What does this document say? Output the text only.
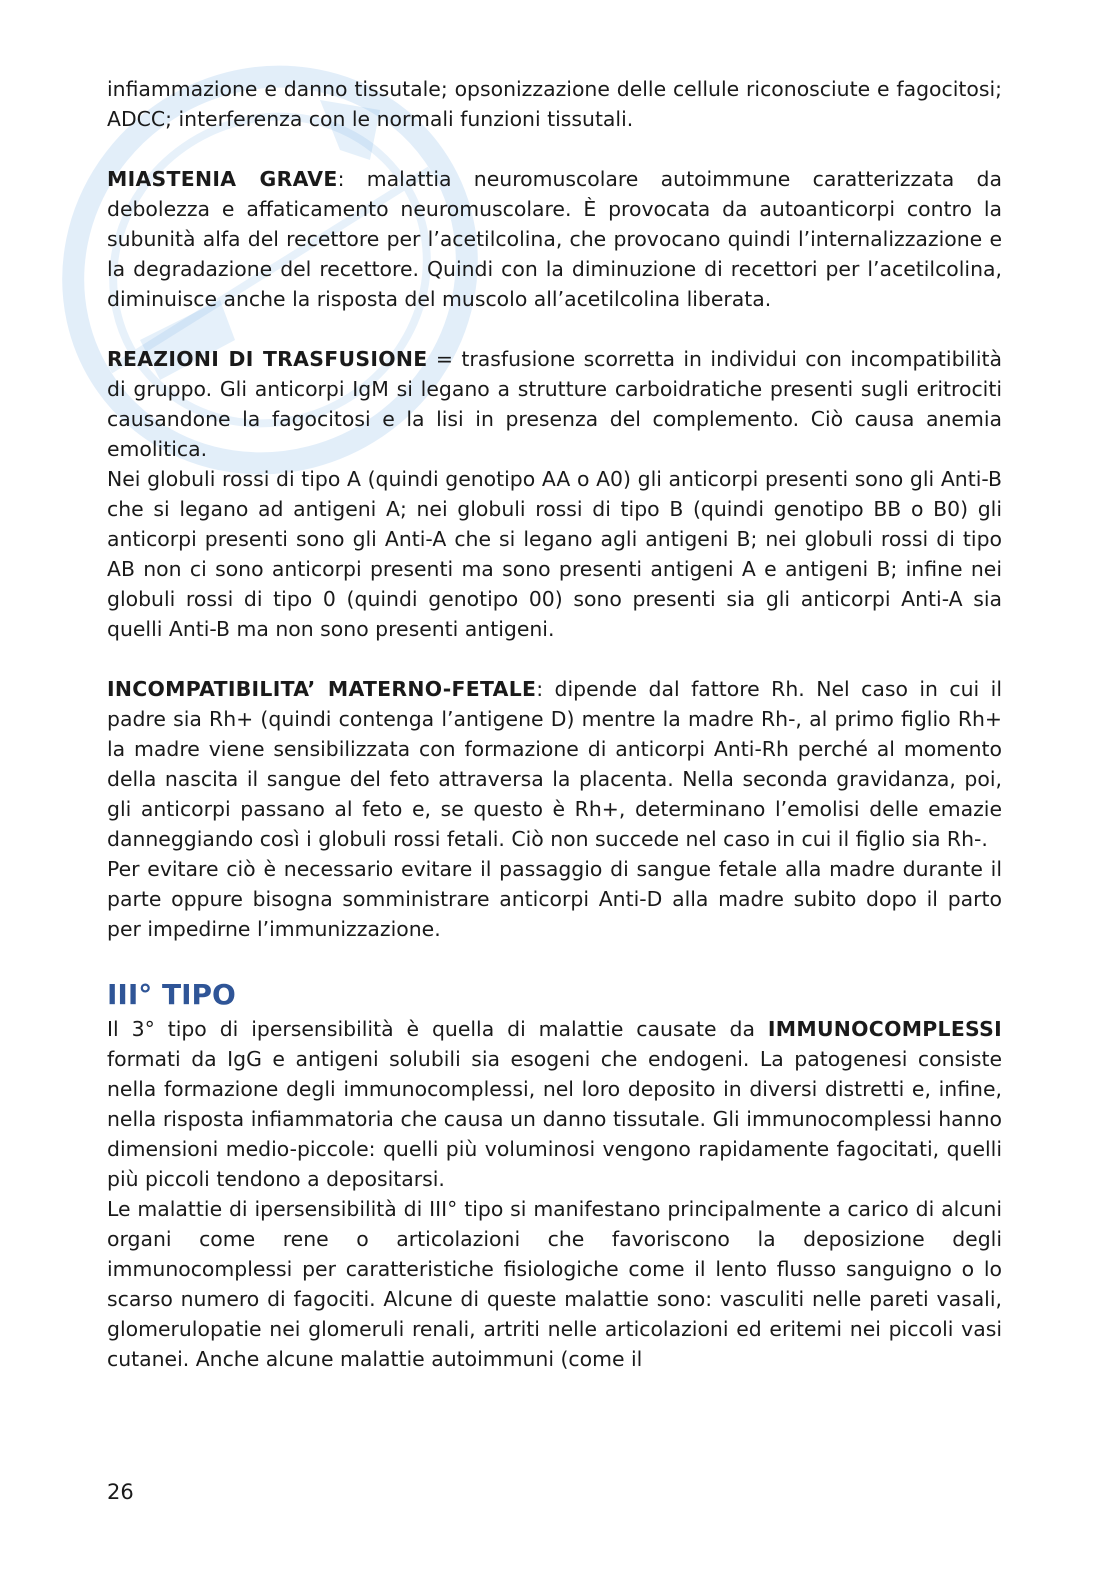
infiammazione e danno tissutale; opsonizzazione delle cellule riconosciute e fagocitosi; ADCC; interferenza con le normali funzioni tissutali.

MIASTENIA GRAVE: malattia neuromuscolare autoimmune caratterizzata da debolezza e affaticamento neuromuscolare. È provocata da autoanticorpi contro la subunità alfa del recettore per l’acetilcolina, che provocano quindi l’internalizzazione e la degradazione del recettore. Quindi con la diminuzione di recettori per l’acetilcolina, diminuisce anche la risposta del muscolo all’acetilcolina liberata.

REAZIONI DI TRASFUSIONE = trasfusione scorretta in individui con incompatibilità di gruppo. Gli anticorpi IgM si legano a strutture carboidratiche presenti sugli eritrociti causandone la fagocitosi e la lisi in presenza del complemento. Ciò causa anemia emolitica.

Nei globuli rossi di tipo A (quindi genotipo AA o A0) gli anticorpi presenti sono gli Anti-B che si legano ad antigeni A; nei globuli rossi di tipo B (quindi genotipo BB o B0) gli anticorpi presenti sono gli Anti-A che si legano agli antigeni B; nei globuli rossi di tipo AB non ci sono anticorpi presenti ma sono presenti antigeni A e antigeni B; infine nei globuli rossi di tipo 0 (quindi genotipo 00) sono presenti sia gli anticorpi Anti-A sia quelli Anti-B ma non sono presenti antigeni.

INCOMPATIBILITA’ MATERNO-FETALE: dipende dal fattore Rh. Nel caso in cui il padre sia Rh+ (quindi contenga l’antigene D) mentre la madre Rh-, al primo figlio Rh+ la madre viene sensibilizzata con formazione di anticorpi Anti-Rh perché al momento della nascita il sangue del feto attraversa la placenta. Nella seconda gravidanza, poi, gli anticorpi passano al feto e, se questo è Rh+, determinano l’emolisi delle emazie danneggiando così i globuli rossi fetali. Ciò non succede nel caso in cui il figlio sia Rh-.

Per evitare ciò è necessario evitare il passaggio di sangue fetale alla madre durante il parte oppure bisogna somministrare anticorpi Anti-D alla madre subito dopo il parto per impedirne l’immunizzazione.

III° TIPO

Il 3° tipo di ipersensibilità è quella di malattie causate da IMMUNOCOMPLESSI formati da IgG e antigeni solubili sia esogeni che endogeni. La patogenesi consiste nella formazione degli immunocomplessi, nel loro deposito in diversi distretti e, infine, nella risposta infiammatoria che causa un danno tissutale. Gli immunocomplessi hanno dimensioni medio-piccole: quelli più voluminosi vengono rapidamente fagocitati, quelli più piccoli tendono a depositarsi.

Le malattie di ipersensibilità di III° tipo si manifestano principalmente a carico di alcuni organi come rene o articolazioni che favoriscono la deposizione degli immunocomplessi per caratteristiche fisiologiche come il lento flusso sanguigno o lo scarso numero di fagociti. Alcune di queste malattie sono: vasculiti nelle pareti vasali, glomerulopatie nei glomeruli renali, artriti nelle articolazioni ed eritemi nei piccoli vasi cutanei. Anche alcune malattie autoimmuni (come il

26
